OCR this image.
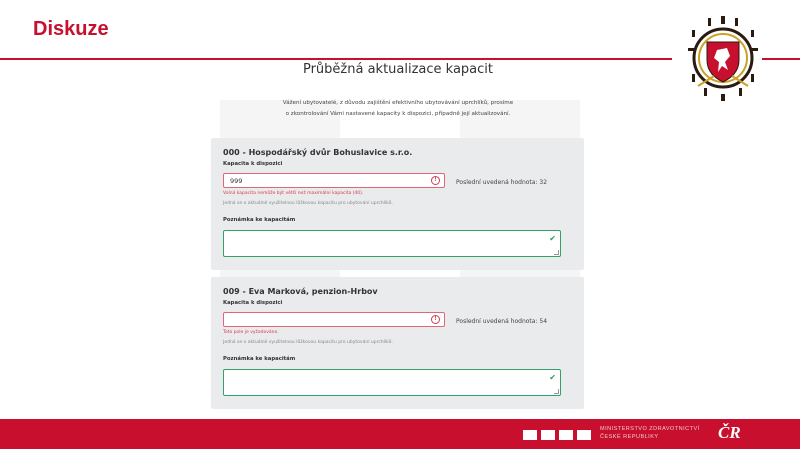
Diskuze
Průběžná aktualizace kapacit
Vážení ubytovatelé, z důvodu zajištění efektivního ubytovávání uprchlíků, prosíme
o zkontrolování Vámi nastavené kapacity k dispozici, případně její aktualizování.
000 - Hospodářský dvůr Bohuslavice s.r.o.
Kapacita k dispozici
999	!	Poslední uvedená hodnota: 32
Volná kapacita nemůže být větší než maximální kapacita (40).
Jedná se o aktuálně využitelnou lůžkovou kapacitu pro ubytování uprchlíků.
Poznámka ke kapacitám
✔
009 - Eva Marková, penzion-Hrbov
Kapacita k dispozici
!	Poslední uvedená hodnota: 54
Toto pole je vyžadováno.
Jedná se o aktuálně využitelnou lůžkovou kapacitu pro ubytování uprchlíků.
Poznámka ke kapacitám
✔
MINISTERSTVO ZDRAVOTNICTVÍ
ČESKÉ REPUBLIKY	ČR
